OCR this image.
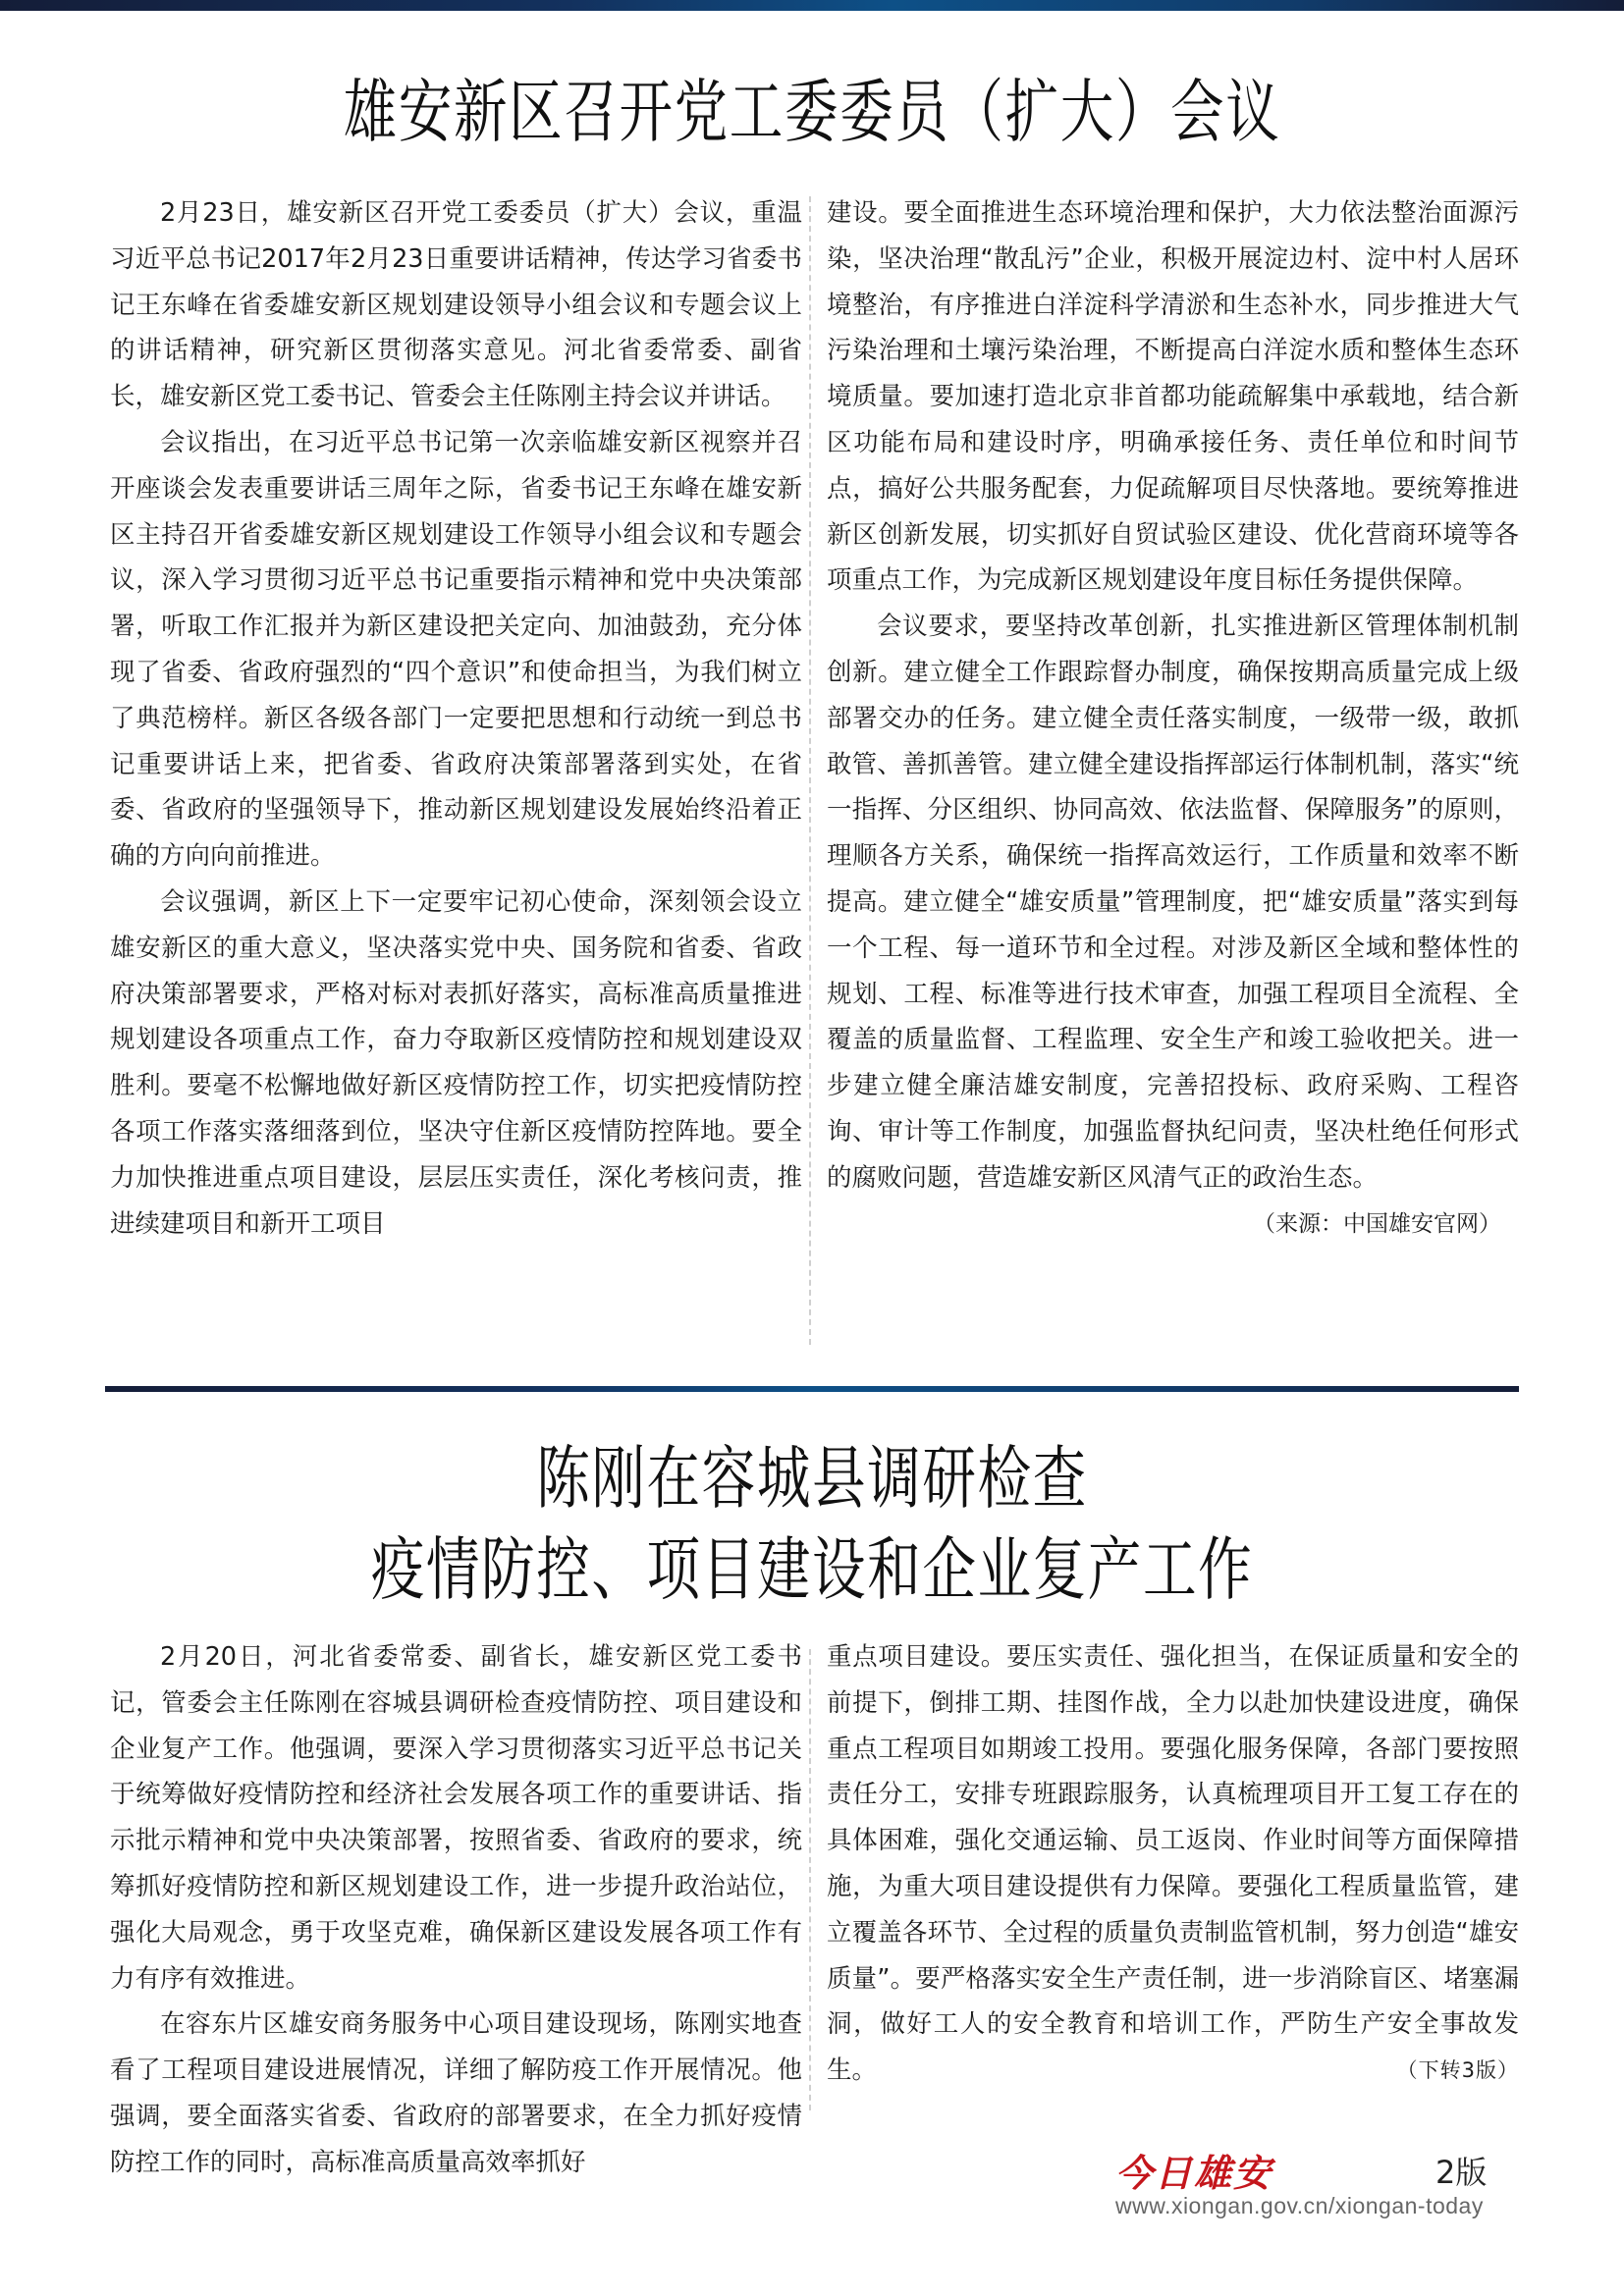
雄安新区召开党工委委员（扩大）会议

2月23日，雄安新区召开党工委委员（扩大）会议，重温习近平总书记2017年2月23日重要讲话精神，传达学习省委书记王东峰在省委雄安新区规划建设领导小组会议和专题会议上的讲话精神，研究新区贯彻落实意见。河北省委常委、副省长，雄安新区党工委书记、管委会主任陈刚主持会议并讲话。

会议指出，在习近平总书记第一次亲临雄安新区视察并召开座谈会发表重要讲话三周年之际，省委书记王东峰在雄安新区主持召开省委雄安新区规划建设工作领导小组会议和专题会议，深入学习贯彻习近平总书记重要指示精神和党中央决策部署，听取工作汇报并为新区建设把关定向、加油鼓劲，充分体现了省委、省政府强烈的“四个意识”和使命担当，为我们树立了典范榜样。新区各级各部门一定要把思想和行动统一到总书记重要讲话上来，把省委、省政府决策部署落到实处，在省委、省政府的坚强领导下，推动新区规划建设发展始终沿着正确的方向向前推进。

会议强调，新区上下一定要牢记初心使命，深刻领会设立雄安新区的重大意义，坚决落实党中央、国务院和省委、省政府决策部署要求，严格对标对表抓好落实，高标准高质量推进规划建设各项重点工作，奋力夺取新区疫情防控和规划建设双胜利。要毫不松懈地做好新区疫情防控工作，切实把疫情防控各项工作落实落细落到位，坚决守住新区疫情防控阵地。要全力加快推进重点项目建设，层层压实责任，深化考核问责，推进续建项目和新开工项目

建设。要全面推进生态环境治理和保护，大力依法整治面源污染，坚决治理“散乱污”企业，积极开展淀边村、淀中村人居环境整治，有序推进白洋淀科学清淤和生态补水，同步推进大气污染治理和土壤污染治理，不断提高白洋淀水质和整体生态环境质量。要加速打造北京非首都功能疏解集中承载地，结合新区功能布局和建设时序，明确承接任务、责任单位和时间节点，搞好公共服务配套，力促疏解项目尽快落地。要统筹推进新区创新发展，切实抓好自贸试验区建设、优化营商环境等各项重点工作，为完成新区规划建设年度目标任务提供保障。

会议要求，要坚持改革创新，扎实推进新区管理体制机制创新。建立健全工作跟踪督办制度，确保按期高质量完成上级部署交办的任务。建立健全责任落实制度，一级带一级，敢抓敢管、善抓善管。建立健全建设指挥部运行体制机制，落实“统一指挥、分区组织、协同高效、依法监督、保障服务”的原则，理顺各方关系，确保统一指挥高效运行，工作质量和效率不断提高。建立健全“雄安质量”管理制度，把“雄安质量”落实到每一个工程、每一道环节和全过程。对涉及新区全域和整体性的规划、工程、标准等进行技术审查，加强工程项目全流程、全覆盖的质量监督、工程监理、安全生产和竣工验收把关。进一步建立健全廉洁雄安制度，完善招投标、政府采购、工程咨询、审计等工作制度，加强监督执纪问责，坚决杜绝任何形式的腐败问题，营造雄安新区风清气正的政治生态。

（来源：中国雄安官网）
陈刚在容城县调研检查
疫情防控、项目建设和企业复产工作

2月20日，河北省委常委、副省长，雄安新区党工委书记，管委会主任陈刚在容城县调研检查疫情防控、项目建设和企业复产工作。他强调，要深入学习贯彻落实习近平总书记关于统筹做好疫情防控和经济社会发展各项工作的重要讲话、指示批示精神和党中央决策部署，按照省委、省政府的要求，统筹抓好疫情防控和新区规划建设工作，进一步提升政治站位，强化大局观念，勇于攻坚克难，确保新区建设发展各项工作有力有序有效推进。

在容东片区雄安商务服务中心项目建设现场，陈刚实地查看了工程项目建设进展情况，详细了解防疫工作开展情况。他强调，要全面落实省委、省政府的部署要求，在全力抓好疫情防控工作的同时，高标准高质量高效率抓好

重点项目建设。要压实责任、强化担当，在保证质量和安全的前提下，倒排工期、挂图作战，全力以赴加快建设进度，确保重点工程项目如期竣工投用。要强化服务保障，各部门要按照责任分工，安排专班跟踪服务，认真梳理项目开工复工存在的具体困难，强化交通运输、员工返岗、作业时间等方面保障措施，为重大项目建设提供有力保障。要强化工程质量监管，建立覆盖各环节、全过程的质量负责制监管机制，努力创造“雄安质量”。要严格落实安全生产责任制，进一步消除盲区、堵塞漏洞，做好工人的安全教育和培训工作，严防生产安全事故发生。	（下转3版）

今日雄安	2版
www.xiongan.gov.cn/xiongan-today
